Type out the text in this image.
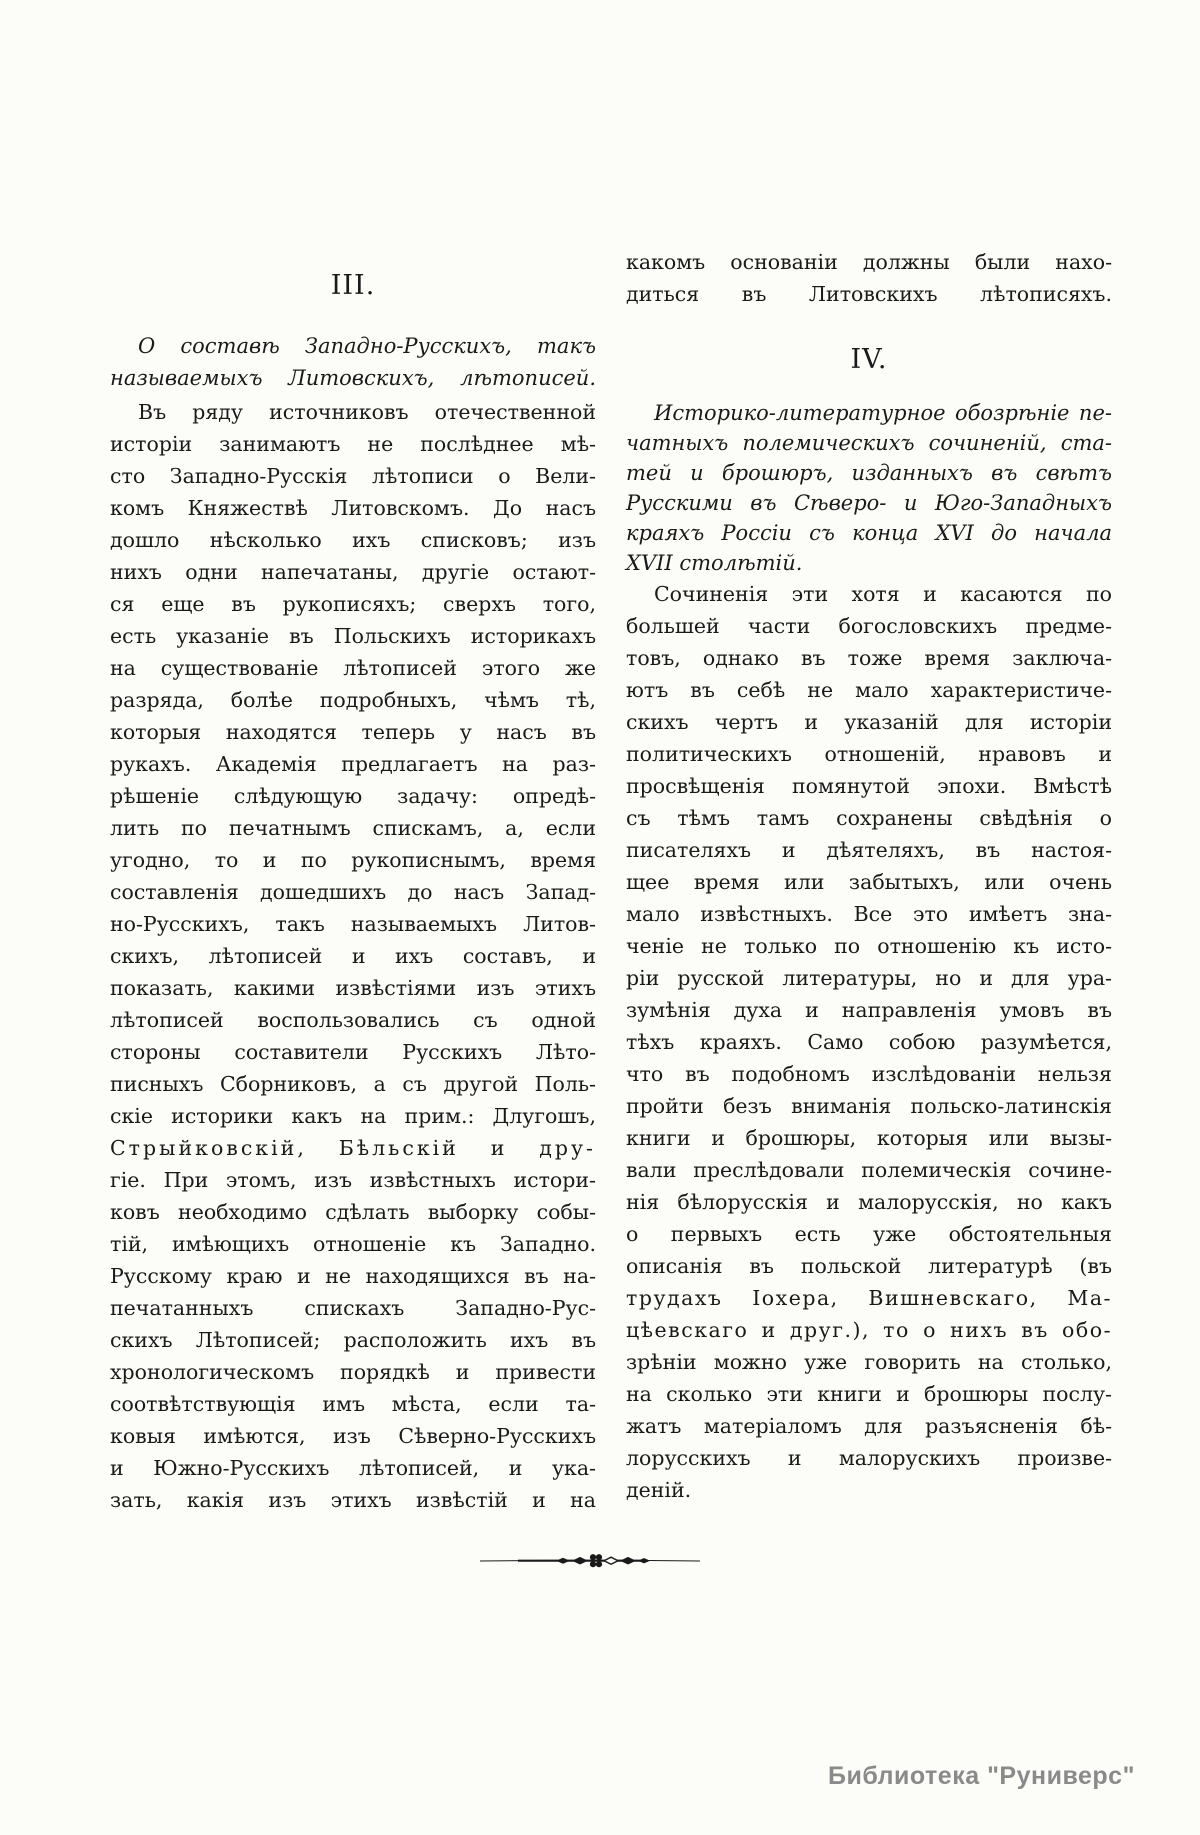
III.
О составѣ Западно-Русскихъ, такъ
называемыхъ Литовскихъ, лѣтописей.
Въ ряду источниковъ отечественной
исторіи занимаютъ не послѣднее мѣ-
сто Западно-Русскія лѣтописи о Вели-
комъ Княжествѣ Литовскомъ. До насъ
дошло нѣсколько ихъ списковъ; изъ
нихъ одни напечатаны, другіе остают-
ся еще въ рукописяхъ; сверхъ того,
есть указаніе въ Польскихъ историкахъ
на существованіе лѣтописей этого же
разряда, болѣе подробныхъ, чѣмъ тѣ,
которыя находятся теперь у насъ въ
рукахъ. Академія предлагаетъ на раз-
рѣшеніе слѣдующую задачу: опредѣ-
лить по печатнымъ спискамъ, а, если
угодно, то и по рукописнымъ, время
составленія дошедшихъ до насъ Запад-
но-Русскихъ, такъ называемыхъ Литов-
скихъ, лѣтописей и ихъ составъ, и
показать, какими извѣстіями изъ этихъ
лѣтописей воспользовались съ одной
стороны составители Русскихъ Лѣто-
писныхъ Сборниковъ, а съ другой Поль-
скіе историки какъ на прим.: Длугошъ,
Стрыйковскій, Бѣльскій и дру-
гіе. При этомъ, изъ извѣстныхъ истори-
ковъ необходимо сдѣлать выборку собы-
тій, имѣющихъ отношеніе къ Западно.
Русскому краю и не находящихся въ на-
печатанныхъ спискахъ Западно-Рус-
скихъ Лѣтописей; расположить ихъ въ
хронологическомъ порядкѣ и привести
соотвѣтствующія имъ мѣста, если та-
ковыя имѣются, изъ Сѣверно-Русскихъ
и Южно-Русскихъ лѣтописей, и ука-
зать, какія изъ этихъ извѣстій и на
какомъ основаніи должны были нахо-
диться въ Литовскихъ лѣтописяхъ.
IV.
Историко-литературное обозрѣніе пе-
чатныхъ полемическихъ сочиненій, ста-
тей и брошюръ, изданныхъ въ свѣтъ
Русскими въ Сѣверо- и Юго-Западныхъ
краяхъ Россіи съ конца XVI до начала
XVII столѣтій.
Сочиненія эти хотя и касаются по
большей части богословскихъ предме-
товъ, однако въ тоже время заключа-
ютъ въ себѣ не мало характеристиче-
скихъ чертъ и указаній для исторіи
политическихъ отношеній, нравовъ и
просвѣщенія помянутой эпохи. Вмѣстѣ
съ тѣмъ тамъ сохранены свѣдѣнія о
писателяхъ и дѣятеляхъ, въ настоя-
щее время или забытыхъ, или очень
мало извѣстныхъ. Все это имѣетъ зна-
ченіе не только по отношенію къ исто-
ріи русской литературы, но и для ура-
зумѣнія духа и направленія умовъ въ
тѣхъ краяхъ. Само собою разумѣется,
что въ подобномъ изслѣдованіи нельзя
пройти безъ вниманія польско-латинскія
книги и брошюры, которыя или вызы-
вали преслѣдовали полемическія сочине-
нія бѣлорусскія и малорусскія, но какъ
о первыхъ есть уже обстоятельныя
описанія въ польской литературѣ (въ
трудахъ Іохера, Вишневскаго, Ма-
цѣевскаго и друг.), то о нихъ въ обо-
зрѣніи можно уже говорить на столько,
на сколько эти книги и брошюры послу-
жатъ матеріаломъ для разъясненія бѣ-
лорусскихъ и малорускихъ произве-
деній.
Библиотека "Руниверс"
